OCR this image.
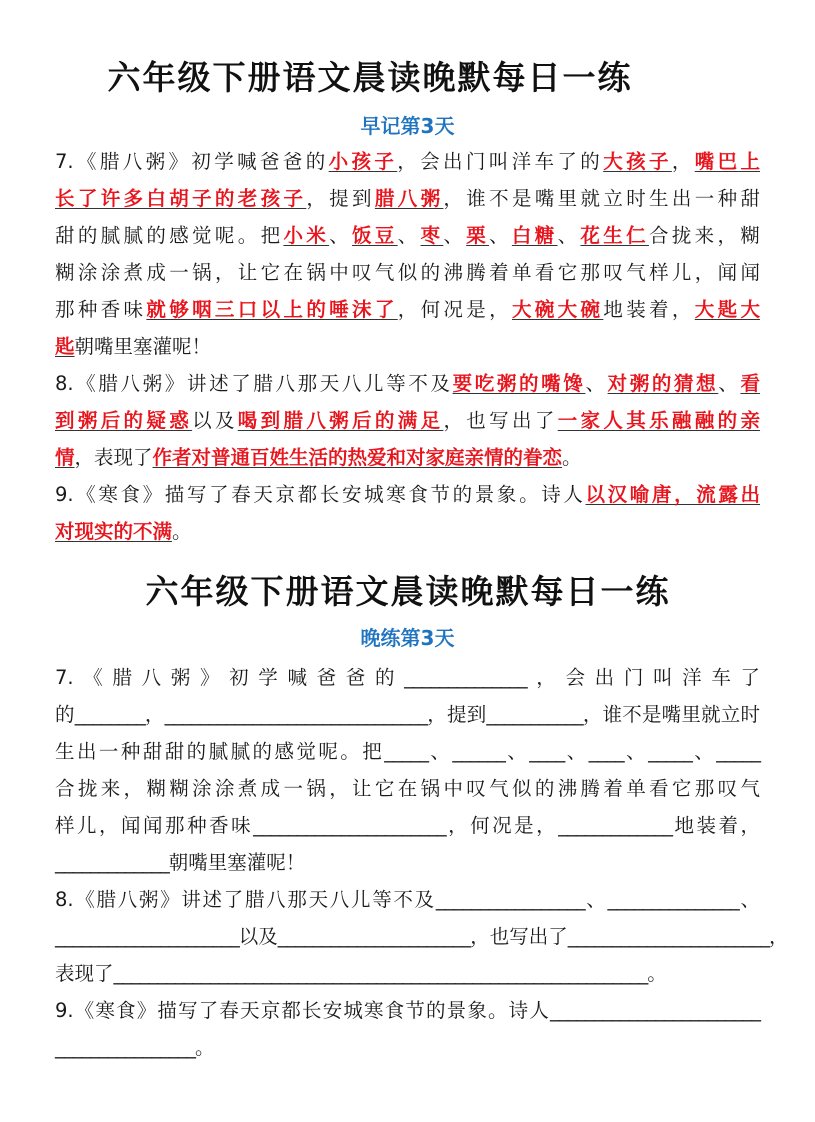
六年级下册语文晨读晚默每日一练
早记第3天
7.《腊八粥》初学喊爸爸的小孩子，会出门叫洋车了的大孩子，嘴巴上
长了许多白胡子的老孩子，提到腊八粥，谁不是嘴里就立时生出一种甜
甜的腻腻的感觉呢。把小米、饭豆、枣、栗、白糖、花生仁合拢来，糊
糊涂涂煮成一锅，让它在锅中叹气似的沸腾着单看它那叹气样儿，闻闻
那种香味就够咽三口以上的唾沫了，何况是，大碗大碗地装着，大匙大
匙朝嘴里塞灌呢！
8.《腊八粥》讲述了腊八那天八儿等不及要吃粥的嘴馋、对粥的猜想、看
到粥后的疑惑以及喝到腊八粥后的满足，也写出了一家人其乐融融的亲
情，表现了作者对普通百姓生活的热爱和对家庭亲情的眷恋。
9.《寒食》描写了春天京都长安城寒食节的景象。诗人以汉喻唐，流露出
对现实的不满。
六年级下册语文晨读晚默每日一练
晚练第3天
7.《腊八粥》初学喊爸爸的______________，会出门叫洋车了
的________，______________________________，提到___________，谁不是嘴里就立时
生出一种甜甜的腻腻的感觉呢。把_____、______、____、____、_____、_____
合拢来，糊糊涂涂煮成一锅，让它在锅中叹气似的沸腾着单看它那叹气
样儿，闻闻那种香味______________________，何况是，_____________地装着，
_____________朝嘴里塞灌呢！
8.《腊八粥》讲述了腊八那天八儿等不及_________________、_______________、
_____________________以及______________________，也写出了_______________________，
表现了_____________________________________________________________。
9.《寒食》描写了春天京都长安城寒食节的景象。诗人________________________
________________。
